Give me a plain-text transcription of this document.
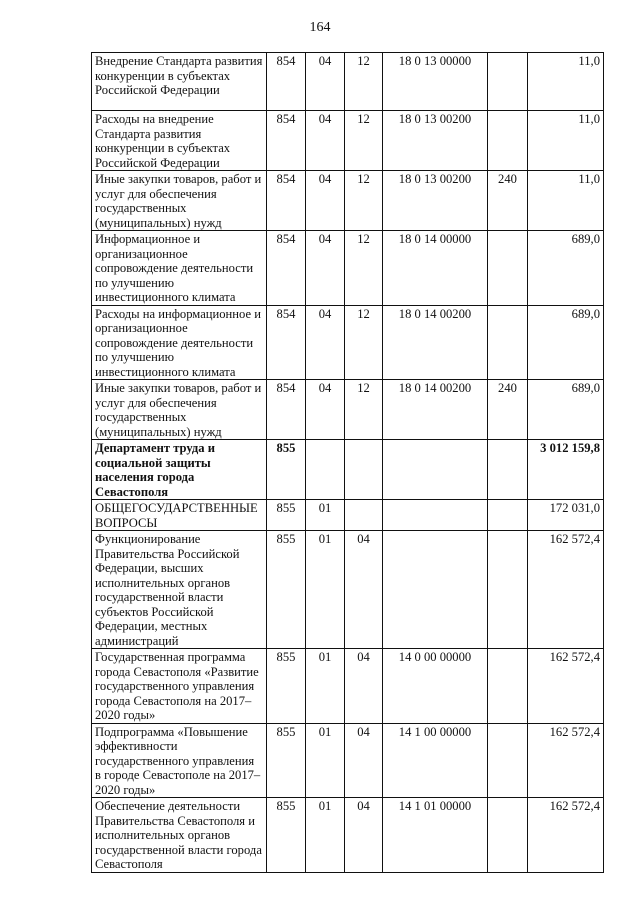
164
Внедрение Стандарта развития конкуренции в субъектах Российской Федерации	854	04	12	18 0 13 00000		11,0
Расходы на внедрение Стандарта развития конкуренции в субъектах Российской Федерации	854	04	12	18 0 13 00200		11,0
Иные закупки товаров, работ и услуг для обеспечения государственных (муниципальных) нужд	854	04	12	18 0 13 00200	240	11,0
Информационное и организационное сопровождение деятельности по улучшению инвестиционного климата	854	04	12	18 0 14 00000		689,0
Расходы на информационное и организационное сопровождение деятельности по улучшению инвестиционного климата	854	04	12	18 0 14 00200		689,0
Иные закупки товаров, работ и услуг для обеспечения государственных (муниципальных) нужд	854	04	12	18 0 14 00200	240	689,0
Департамент труда и социальной защиты населения города Севастополя	855					3 012 159,8
ОБЩЕГОСУДАРСТВЕННЫЕ ВОПРОСЫ	855	01				172 031,0
Функционирование Правительства Российской Федерации, высших исполнительных органов государственной власти субъектов Российской Федерации, местных администраций	855	01	04			162 572,4
Государственная программа города Севастополя «Развитие государственного управления города Севастополя на 2017–2020 годы»	855	01	04	14 0 00 00000		162 572,4
Подпрограмма «Повышение эффективности государственного управления в городе Севастополе на 2017–2020 годы»	855	01	04	14 1 00 00000		162 572,4
Обеспечение деятельности Правительства Севастополя и исполнительных органов государственной власти города Севастополя	855	01	04	14 1 01 00000		162 572,4
